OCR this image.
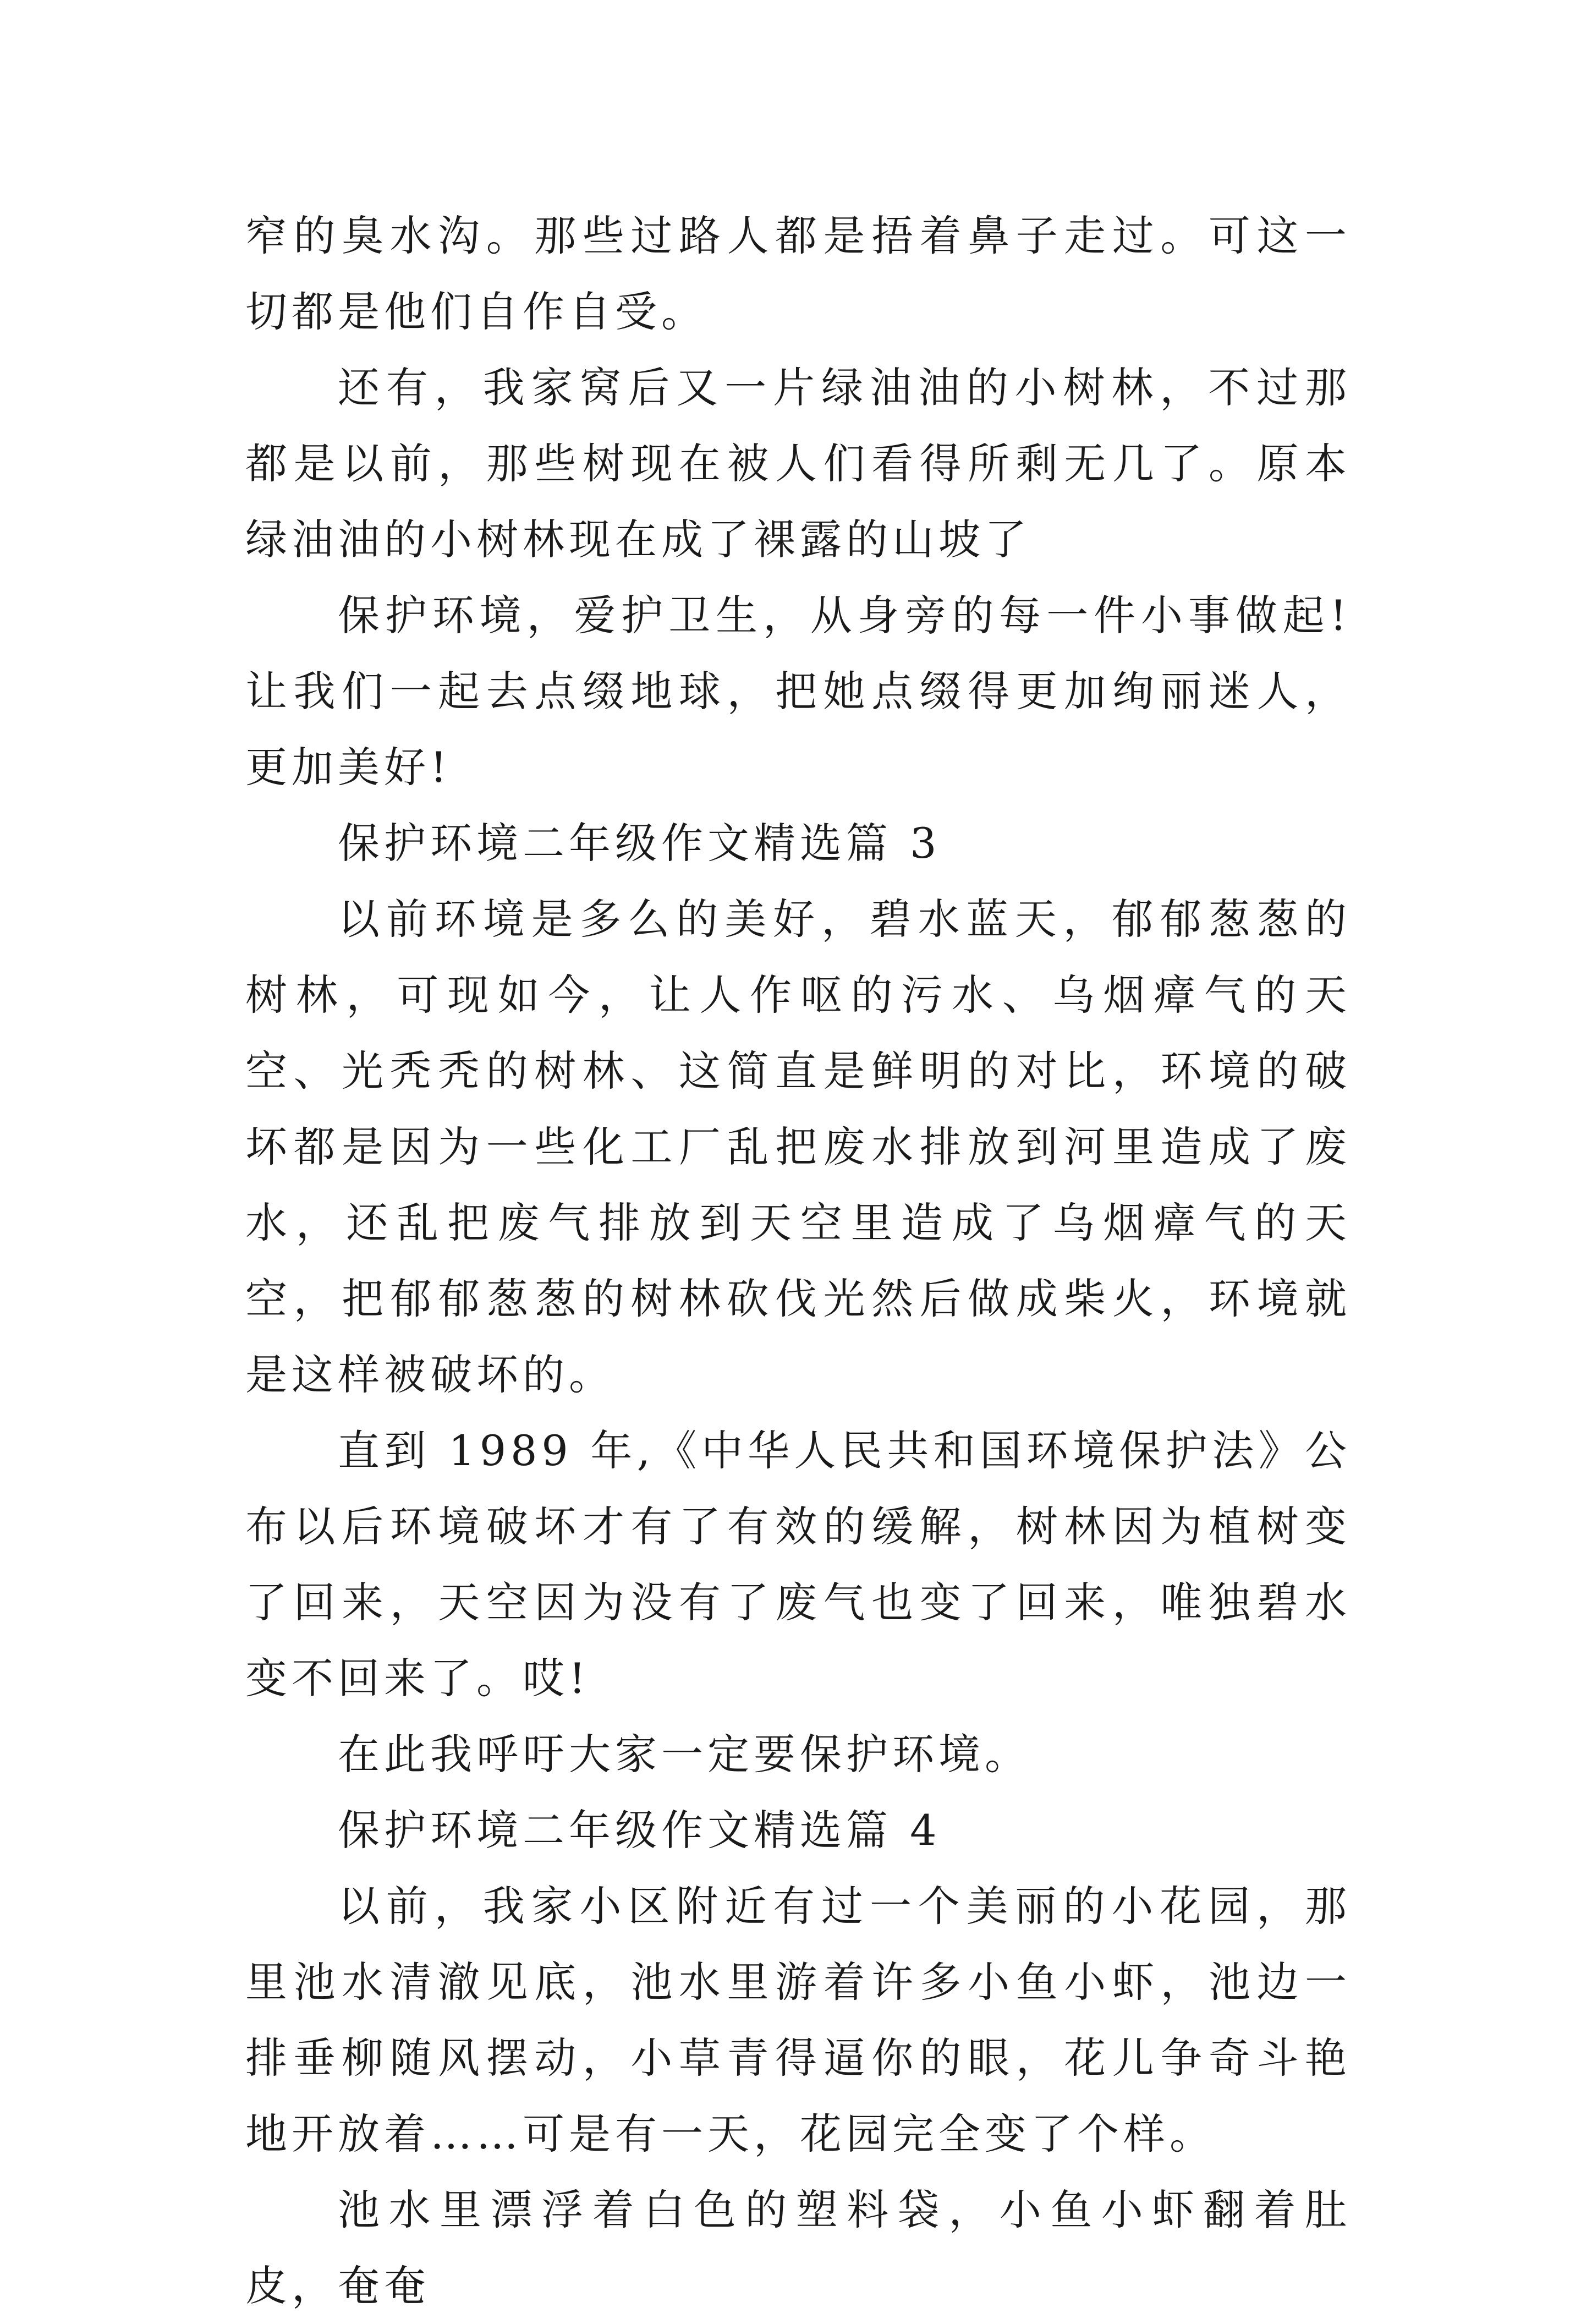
窄的臭水沟。那些过路人都是捂着鼻子走过。可这一切都是他们自作自受。

还有，我家窝后又一片绿油油的小树林，不过那都是以前，那些树现在被人们看得所剩无几了。原本绿油油的小树林现在成了裸露的山坡了

保护环境，爱护卫生，从身旁的每一件小事做起!让我们一起去点缀地球，把她点缀得更加绚丽迷人，更加美好!

保护环境二年级作文精选篇 3

以前环境是多么的美好，碧水蓝天，郁郁葱葱的树林，可现如今，让人作呕的污水、乌烟瘴气的天空、光秃秃的树林、这简直是鲜明的对比，环境的破坏都是因为一些化工厂乱把废水排放到河里造成了废水，还乱把废气排放到天空里造成了乌烟瘴气的天空，把郁郁葱葱的树林砍伐光然后做成柴火，环境就是这样被破坏的。

直到 1989 年,《中华人民共和国环境保护法》公布以后环境破坏才有了有效的缓解，树林因为植树变了回来，天空因为没有了废气也变了回来，唯独碧水变不回来了。哎!

在此我呼吁大家一定要保护环境。

保护环境二年级作文精选篇 4

以前，我家小区附近有过一个美丽的小花园，那里池水清澈见底，池水里游着许多小鱼小虾，池边一排垂柳随风摆动，小草青得逼你的眼，花儿争奇斗艳地开放着……可是有一天，花园完全变了个样。

池水里漂浮着白色的塑料袋，小鱼小虾翻着肚皮，奄奄
